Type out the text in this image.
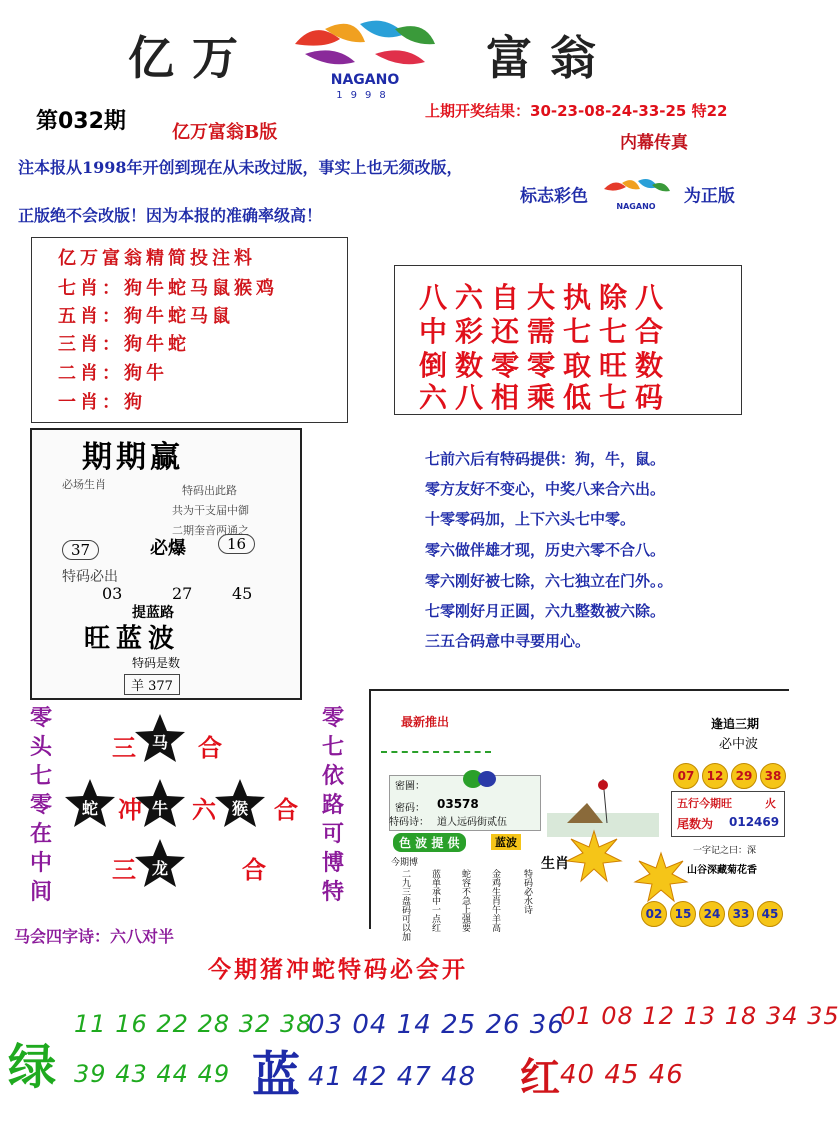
亿万	富翁
NAGANO
1998
第032期	亿万富翁B版
上期开奖结果：30-23-08-24-33-25 特22
内幕传真
注本报从1998年开创到现在从未改过版，事实上也无须改版，
正版绝不会改版！因为本报的准确率级高！
标志彩色	NAGANO 为正版
亿万富翁精简投注料
七肖：狗牛蛇马鼠猴鸡
五肖：狗牛蛇马鼠
三肖：狗牛蛇
二肖：狗牛
一肖：狗
八六自大执除八
中彩还需七七合
倒数零零取旺数
六八相乘低七码
期期赢
必场生肖	特码出此路
共为干支届中御
二期奎音两通之
37	必爆	16
特码必出
03	27 45
提蓝路
旺蓝波
特码是数
羊 377
七前六后有特码提供：狗，牛，鼠。
零方友好不变心，中奖八来合六出。
十零零码加，上下六头七中零。
零六做伴雄才现，历史六零不合八。
零六刚好被七除，六七独立在门外。。
七零刚好月正圆，六九整数被六除。
三五合码意中寻要用心。
零
头
七
零
在
中
间
零
七
依
路
可
博
特
马
蛇	牛	猴
龙
三	合
冲 六 合
三	合
马会四字诗：六八对半
今期猪冲蛇特码必会开
最新推出	逢追三期
必中波
07 12 29 38
五行今期旺	火
尾数为 012469
密圖：
密码： 03578
特码诗： 道人远码街贰伍
色 波 提 供	蓝波
生肖
今期博
二九三盘码可以加 蓝单承中一点红 蛇容不急上强要 金鸡生肖午羊高 特码必水诗
一字记之曰：深
山谷深藏菊花香
02 15 24 33 45
绿
11 16 22 28 32 38
39 43 44 49 蓝
03 04 14 25 26 36
41 42 47 48 红
01 08 12 13 18 34 35
40 45 46
